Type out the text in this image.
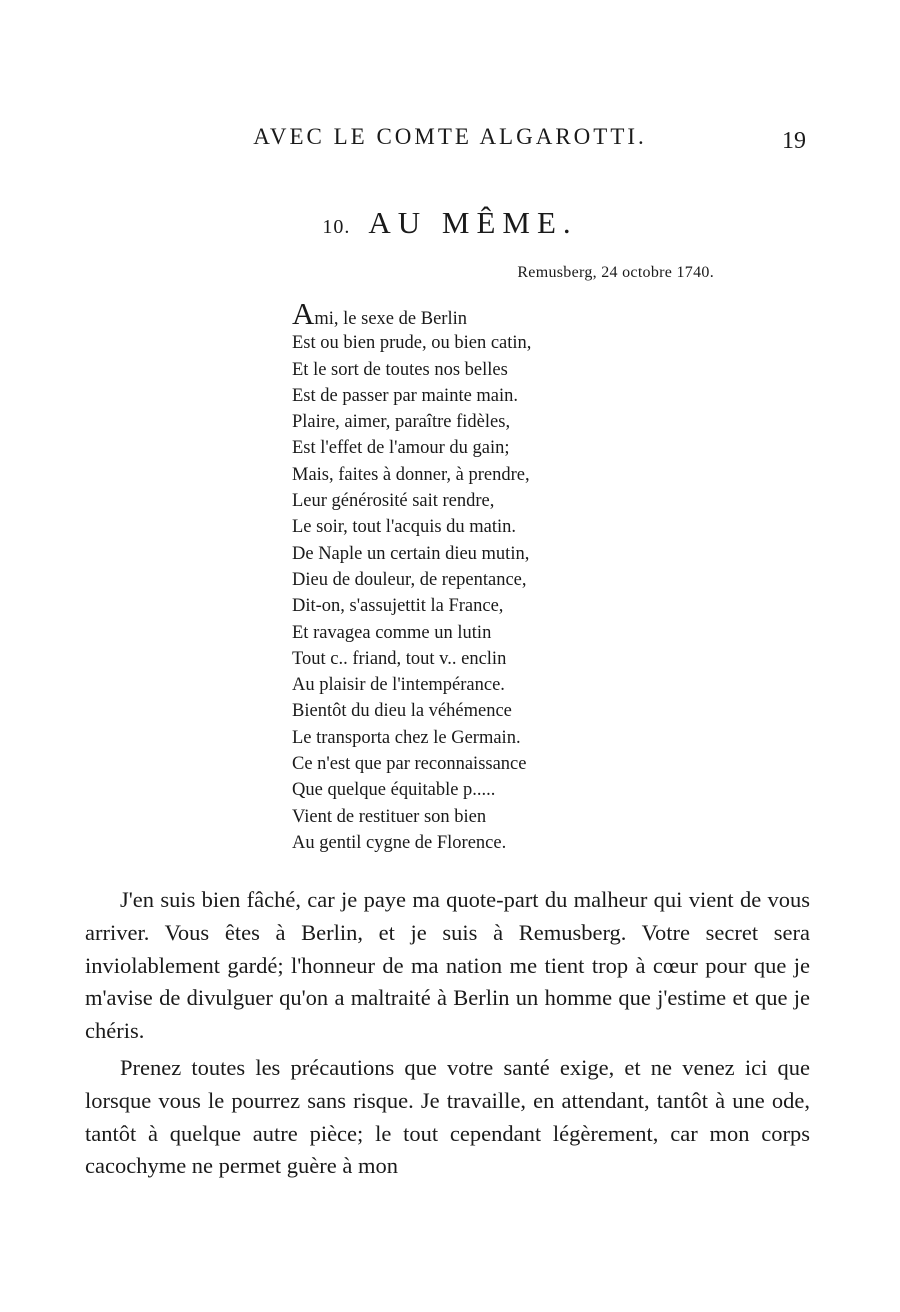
AVEC LE COMTE ALGAROTTI.	19
10. AU MÊME.
Remusberg, 24 octobre 1740.
Ami, le sexe de Berlin
Est ou bien prude, ou bien catin,
Et le sort de toutes nos belles
Est de passer par mainte main.
Plaire, aimer, paraître fidèles,
Est l'effet de l'amour du gain;
Mais, faites à donner, à prendre,
Leur générosité sait rendre,
Le soir, tout l'acquis du matin.
De Naple un certain dieu mutin,
Dieu de douleur, de repentance,
Dit-on, s'assujettit la France,
Et ravagea comme un lutin
Tout c.. friand, tout v.. enclin
Au plaisir de l'intempérance.
Bientôt du dieu la véhémence
Le transporta chez le Germain.
Ce n'est que par reconnaissance
Que quelque équitable p.....
Vient de restituer son bien
Au gentil cygne de Florence.

J'en suis bien fâché, car je paye ma quote-part du malheur qui vient de vous arriver. Vous êtes à Berlin, et je suis à Remusberg. Votre secret sera inviolablement gardé; l'honneur de ma nation me tient trop à cœur pour que je m'avise de divulguer qu'on a maltraité à Berlin un homme que j'estime et que je chéris.

Prenez toutes les précautions que votre santé exige, et ne venez ici que lorsque vous le pourrez sans risque. Je travaille, en attendant, tantôt à une ode, tantôt à quelque autre pièce; le tout cependant légèrement, car mon corps cacochyme ne permet guère à mon
